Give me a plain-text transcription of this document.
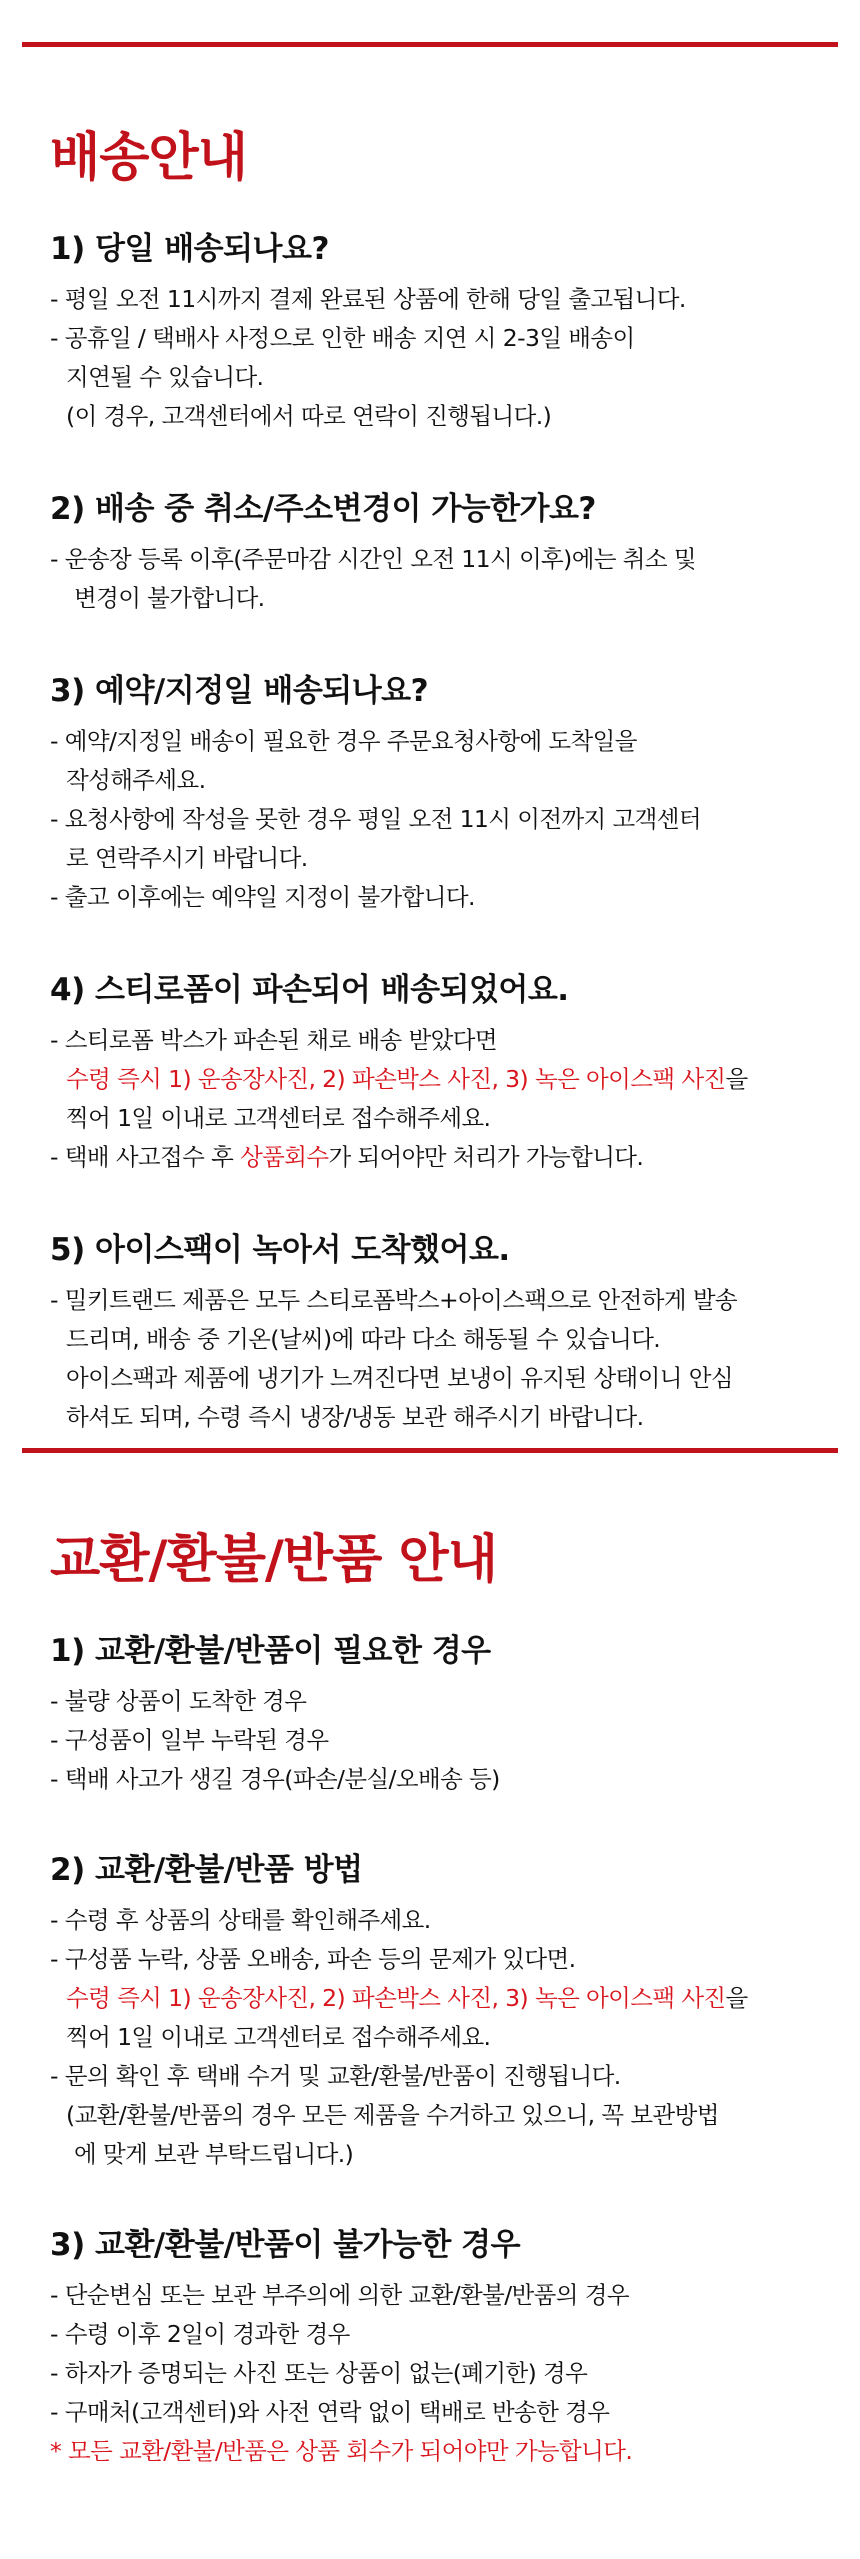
배송안내
1) 당일 배송되나요?
- 평일 오전 11시까지 결제 완료된 상품에 한해 당일 출고됩니다.
- 공휴일 / 택배사 사정으로 인한 배송 지연 시 2-3일 배송이
지연될 수 있습니다.
(이 경우, 고객센터에서 따로 연락이 진행됩니다.)
2) 배송 중 취소/주소변경이 가능한가요?
- 운송장 등록 이후(주문마감 시간인 오전 11시 이후)에는 취소 및
변경이 불가합니다.
3) 예약/지정일 배송되나요?
- 예약/지정일 배송이 필요한 경우 주문요청사항에 도착일을
작성해주세요.
- 요청사항에 작성을 못한 경우 평일 오전 11시 이전까지 고객센터
로 연락주시기 바랍니다.
- 출고 이후에는 예약일 지정이 불가합니다.
4) 스티로폼이 파손되어 배송되었어요.
- 스티로폼 박스가 파손된 채로 배송 받았다면
수령 즉시 1) 운송장사진, 2) 파손박스 사진, 3) 녹은 아이스팩 사진을
찍어 1일 이내로 고객센터로 접수해주세요.
- 택배 사고접수 후 상품회수가 되어야만 처리가 가능합니다.
5) 아이스팩이 녹아서 도착했어요.
- 밀키트랜드 제품은 모두 스티로폼박스+아이스팩으로 안전하게 발송
드리며, 배송 중 기온(날씨)에 따라 다소 해동될 수 있습니다.
아이스팩과 제품에 냉기가 느껴진다면 보냉이 유지된 상태이니 안심
하셔도 되며, 수령 즉시 냉장/냉동 보관 해주시기 바랍니다.
교환/환불/반품 안내
1) 교환/환불/반품이 필요한 경우
- 불량 상품이 도착한 경우
- 구성품이 일부 누락된 경우
- 택배 사고가 생길 경우(파손/분실/오배송 등)
2) 교환/환불/반품 방법
- 수령 후 상품의 상태를 확인해주세요.
- 구성품 누락, 상품 오배송, 파손 등의 문제가 있다면.
수령 즉시 1) 운송장사진, 2) 파손박스 사진, 3) 녹은 아이스팩 사진을
찍어 1일 이내로 고객센터로 접수해주세요.
- 문의 확인 후 택배 수거 및 교환/환불/반품이 진행됩니다.
(교환/환불/반품의 경우 모든 제품을 수거하고 있으니, 꼭 보관방법
에 맞게 보관 부탁드립니다.)
3) 교환/환불/반품이 불가능한 경우
- 단순변심 또는 보관 부주의에 의한 교환/환불/반품의 경우
- 수령 이후 2일이 경과한 경우
- 하자가 증명되는 사진 또는 상품이 없는(폐기한) 경우
- 구매처(고객센터)와 사전 연락 없이 택배로 반송한 경우
* 모든 교환/환불/반품은 상품 회수가 되어야만 가능합니다.
